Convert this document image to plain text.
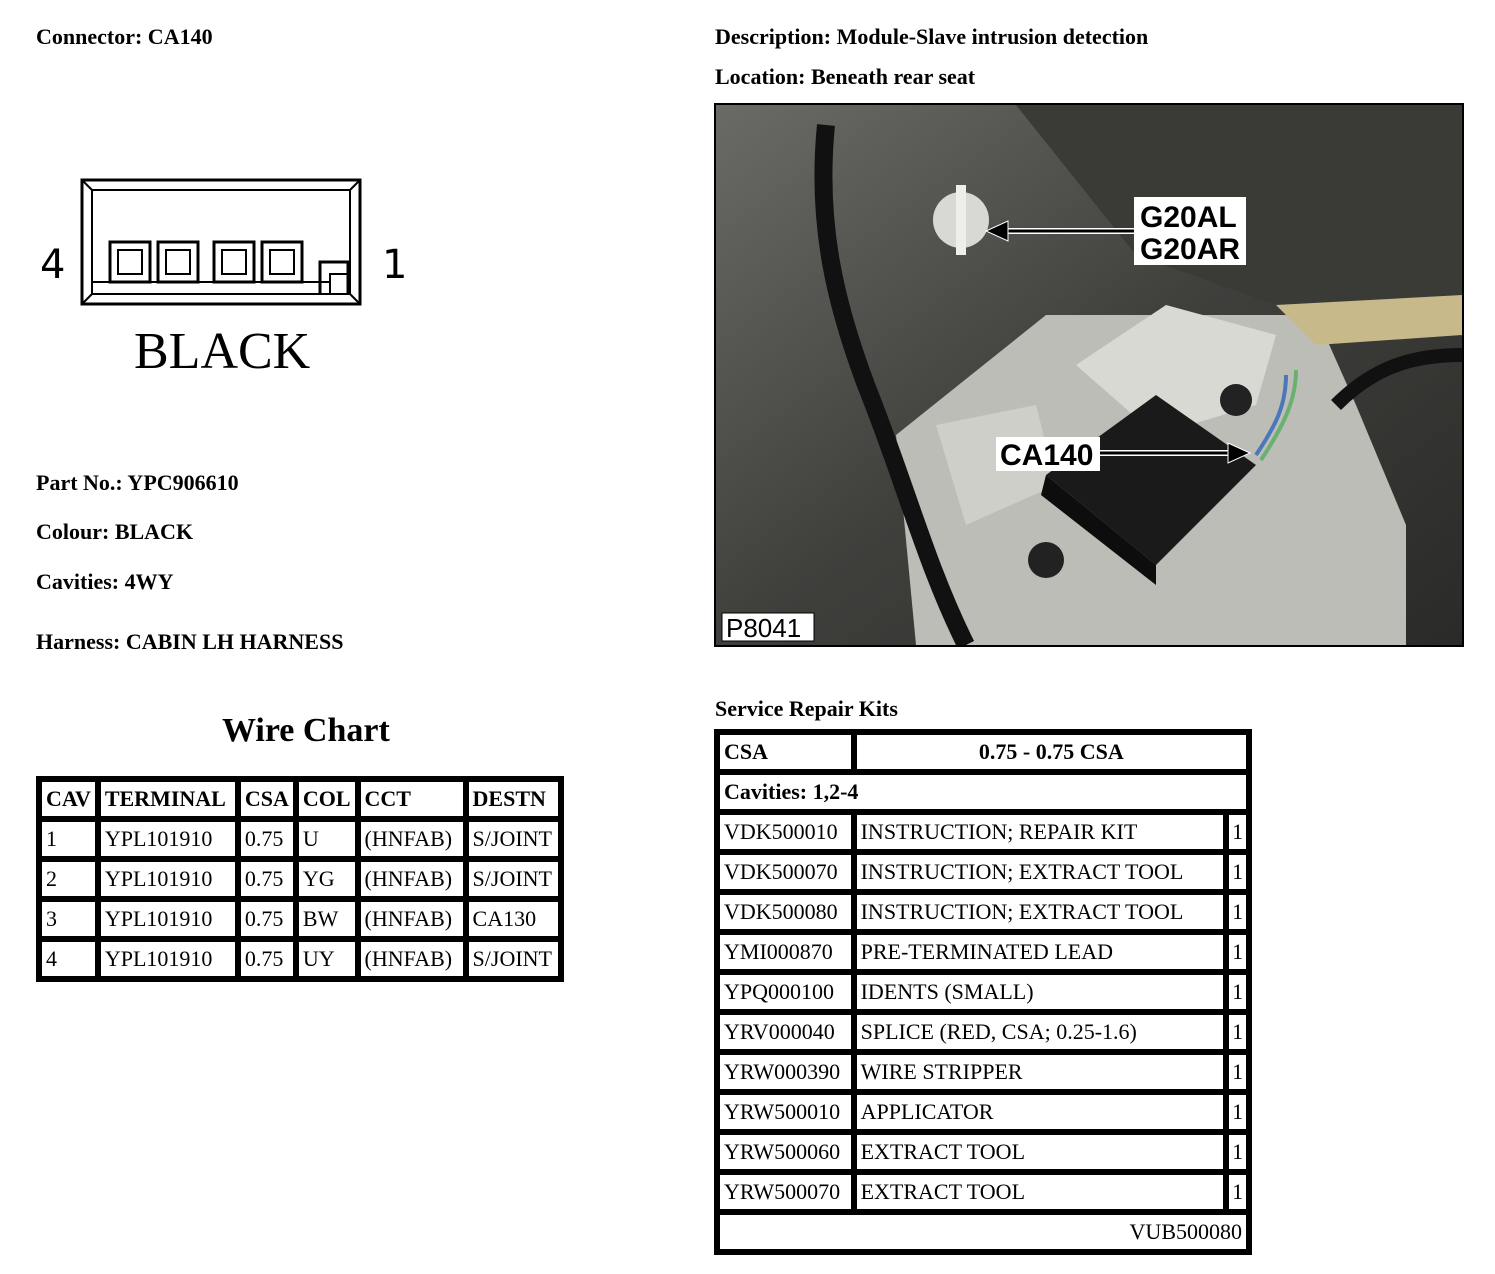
Connector: CA140	Description: Module-Slave intrusion detection
Location: Beneath rear seat
4	1
BLACK
Part No.: YPC906610
Colour: BLACK
Cavities: 4WY
Harness: CABIN LH HARNESS
G20AL
G20AR
CA140
P8041
Wire Chart
CAV	TERMINAL	CSA	COL	CCT	DESTN
1	YPL101910	0.75	U	(HNFAB)	S/JOINT
2	YPL101910	0.75	YG	(HNFAB)	S/JOINT
3	YPL101910	0.75	BW	(HNFAB)	CA130
4	YPL101910	0.75	UY	(HNFAB)	S/JOINT
Service Repair Kits
CSA	0.75 - 0.75 CSA	
Cavities: 1,2-4		
VDK500010	INSTRUCTION; REPAIR KIT	1
VDK500070	INSTRUCTION; EXTRACT TOOL	1
VDK500080	INSTRUCTION; EXTRACT TOOL	1
YMI000870	PRE-TERMINATED LEAD	1
YPQ000100	IDENTS (SMALL)	1
YRV000040	SPLICE (RED, CSA; 0.25-1.6)	1
YRW000390	WIRE STRIPPER	1
YRW500010	APPLICATOR	1
YRW500060	EXTRACT TOOL	1
YRW500070	EXTRACT TOOL	1
VUB500080		
